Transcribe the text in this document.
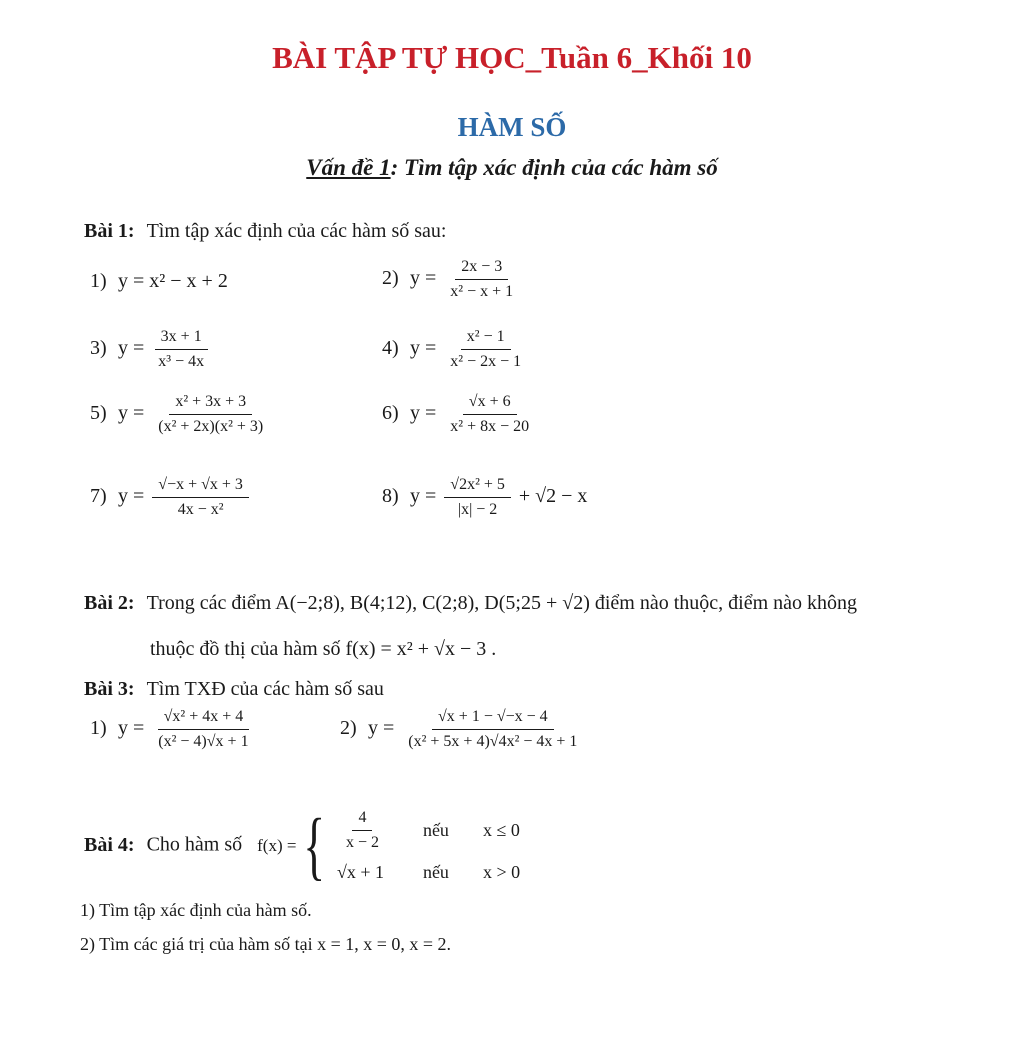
BÀI TẬP TỰ HỌC_Tuần 6_Khối 10
HÀM SỐ
Vấn đề 1: Tìm tập xác định của các hàm số
Bài 1: Tìm tập xác định của các hàm số sau:
1) y = x² − x + 2	2) $y = \frac{2x - 3}{\text{x² − x + 1}}$
3) $y = \frac{3x + 1}{\text{x³ − 4x}}$	4) $y = \frac{\text{x² − 1}}{\text{x² − 2x − 1}}$
5) $y = \frac{\text{x² + 3x + 3}}{\text{(x² + 2x)(x² + 3)}}$	6) $y = \frac{√x + 6}{\text{x² + 8x − 20}}$
7) $y = \frac{√-x + √x + 3}{\text{4x − x²}}$	8) $y = \frac{\text{√2x² + 5}}{|x| - 2} + √2 - x$
Bài 2: Trong các điểm A(−2;8), B(4;12), C(2;8), D(5;25 + √2) điểm nào thuộc, điểm nào không
thuộc đồ thị của hàm số f(x) = x² + √x − 3 .
Bài 3: Tìm TXĐ của các hàm số sau
1) $y = \frac{\text{√x² + 4x + 4}}{\text{(x² − 4)√x + 1}}$	2) $y = \frac{√x + 1 - √-x - 4}{\text{(x² + 5x + 4)√4x² − 4x + 1}}$
Bài 4: Cho hàm số f(x) = { $\frac{4}{x - 2}$ nếu	x ≤ 0
√x + 1	nếu	x > 0
1) Tìm tập xác định của hàm số.
2) Tìm các giá trị của hàm số tại x = 1, x = 0, x = 2.
